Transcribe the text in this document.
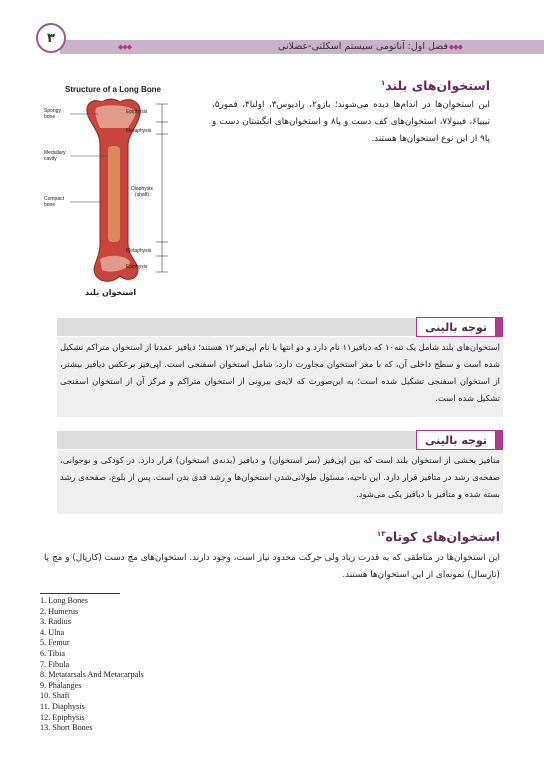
۳
◆◆◆
فصل اول: آناتومی سیستم اسکلتی-عضلانی
◆◆◆
Structure of a Long Bone
Spongy bone
Medullary cavity
Compact bone
Epiphysis
Metaphysis
Diaphysis (shaft)
Metaphysis
Epiphysis
استخوان بلند
استخوان‌های بلند$^۱$
این استخوان‌ها در اندام‌ها دیده می‌شوند؛ بازو۲، رادیوس۳، اولنا۴، فمور۵، تیبیا۶، فیبولا۷، استخوان‌های کف دست و پا۸ و استخوان‌های انگشتان دست و پا۹ از این نوع استخوان‌ها هستند.
توجه بالینی
استخوان‌های بلند شامل یک تنه۱۰ که دیافیز۱۱ نام دارد و دو انتها با نام اپی‌فیز۱۲ هستند؛ دیافیز عمدتا از استخوان متراکم تشکیل شده است و سطح داخلی آن، که با مغز استخوان مجاورت دارد، شامل استخوان اسفنجی است. اپی‌فیز برعکس دیافیز بیشتر، از استخوان اسفنجی تشکیل شده است؛ به این‌صورت که لایه‌ی بیرونی از استخوان متراکم و مرکز آن از استخوان اسفنجی تشکیل شده است.
توجه بالینی
متافیز بخشی از استخوان بلند است که بین اپی‌فیز (سر استخوان) و دیافیز (بدنه‌ی استخوان) قرار دارد. در کودکی و نوجوانی، صفحه‌ی رشد در متافیز قرار دارد. این ناحیه، مسئول طولانی‌شدن استخوان‌ها و رشد قدی بدن است. پس از بلوغ، صفحه‌ی رشد بسته شده و متافیز با دیافیز یکی می‌شود.
استخوان‌های کوتاه$^{۱۳}$
این استخوان‌ها در مناطقی که به قدرت زیاد ولی حرکت محدود نیاز است، وجود دارند. استخوان‌های مچ دست (کارپال) و مچ پا (تارسال) نمونه‌ای از این استخوان‌ها هستند.
1. Long Bones
2. Humerus
3. Radius
4. Ulna
5. Femur
6. Tibia
7. Fibula
8. Metatarsals And Metacarpals
9. Phalanges
10. Shaft
11. Diaphysis
12. Epiphysis
13. Short Bones
